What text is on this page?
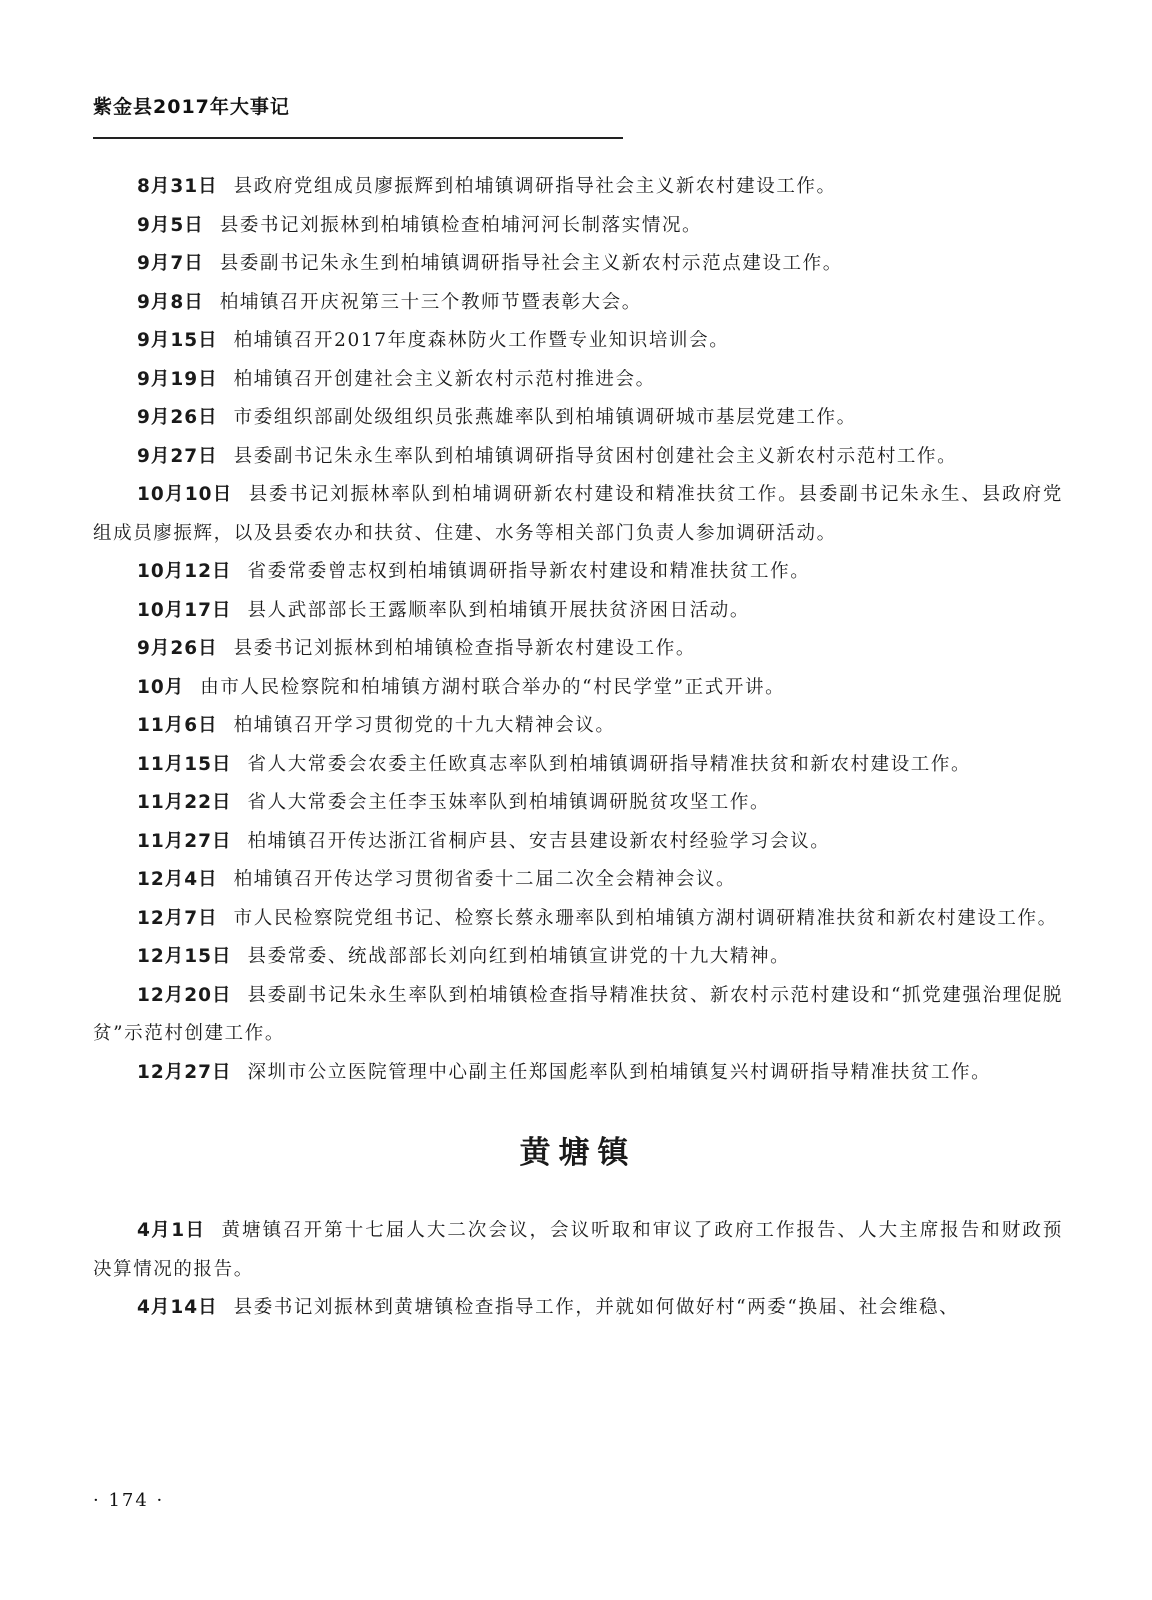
紫金县2017年大事记

8月31日 县政府党组成员廖振辉到柏埔镇调研指导社会主义新农村建设工作。

9月5日 县委书记刘振林到柏埔镇检查柏埔河河长制落实情况。

9月7日 县委副书记朱永生到柏埔镇调研指导社会主义新农村示范点建设工作。

9月8日 柏埔镇召开庆祝第三十三个教师节暨表彰大会。

9月15日 柏埔镇召开2017年度森林防火工作暨专业知识培训会。

9月19日 柏埔镇召开创建社会主义新农村示范村推进会。

9月26日 市委组织部副处级组织员张燕雄率队到柏埔镇调研城市基层党建工作。

9月27日 县委副书记朱永生率队到柏埔镇调研指导贫困村创建社会主义新农村示范村工作。

10月10日 县委书记刘振林率队到柏埔调研新农村建设和精准扶贫工作。县委副书记朱永生、县政府党组成员廖振辉，以及县委农办和扶贫、住建、水务等相关部门负责人参加调研活动。

10月12日 省委常委曾志权到柏埔镇调研指导新农村建设和精准扶贫工作。

10月17日 县人武部部长王露顺率队到柏埔镇开展扶贫济困日活动。

9月26日 县委书记刘振林到柏埔镇检查指导新农村建设工作。

10月 由市人民检察院和柏埔镇方湖村联合举办的“村民学堂”正式开讲。

11月6日 柏埔镇召开学习贯彻党的十九大精神会议。

11月15日 省人大常委会农委主任欧真志率队到柏埔镇调研指导精准扶贫和新农村建设工作。

11月22日 省人大常委会主任李玉妹率队到柏埔镇调研脱贫攻坚工作。

11月27日 柏埔镇召开传达浙江省桐庐县、安吉县建设新农村经验学习会议。

12月4日 柏埔镇召开传达学习贯彻省委十二届二次全会精神会议。

12月7日 市人民检察院党组书记、检察长蔡永珊率队到柏埔镇方湖村调研精准扶贫和新农村建设工作。

12月15日 县委常委、统战部部长刘向红到柏埔镇宣讲党的十九大精神。

12月20日 县委副书记朱永生率队到柏埔镇检查指导精准扶贫、新农村示范村建设和“抓党建强治理促脱贫”示范村创建工作。

12月27日 深圳市公立医院管理中心副主任郑国彪率队到柏埔镇复兴村调研指导精准扶贫工作。

黄塘镇

4月1日 黄塘镇召开第十七届人大二次会议，会议听取和审议了政府工作报告、人大主席报告和财政预决算情况的报告。

4月14日 县委书记刘振林到黄塘镇检查指导工作，并就如何做好村“两委“换届、社会维稳、

· 174 ·
